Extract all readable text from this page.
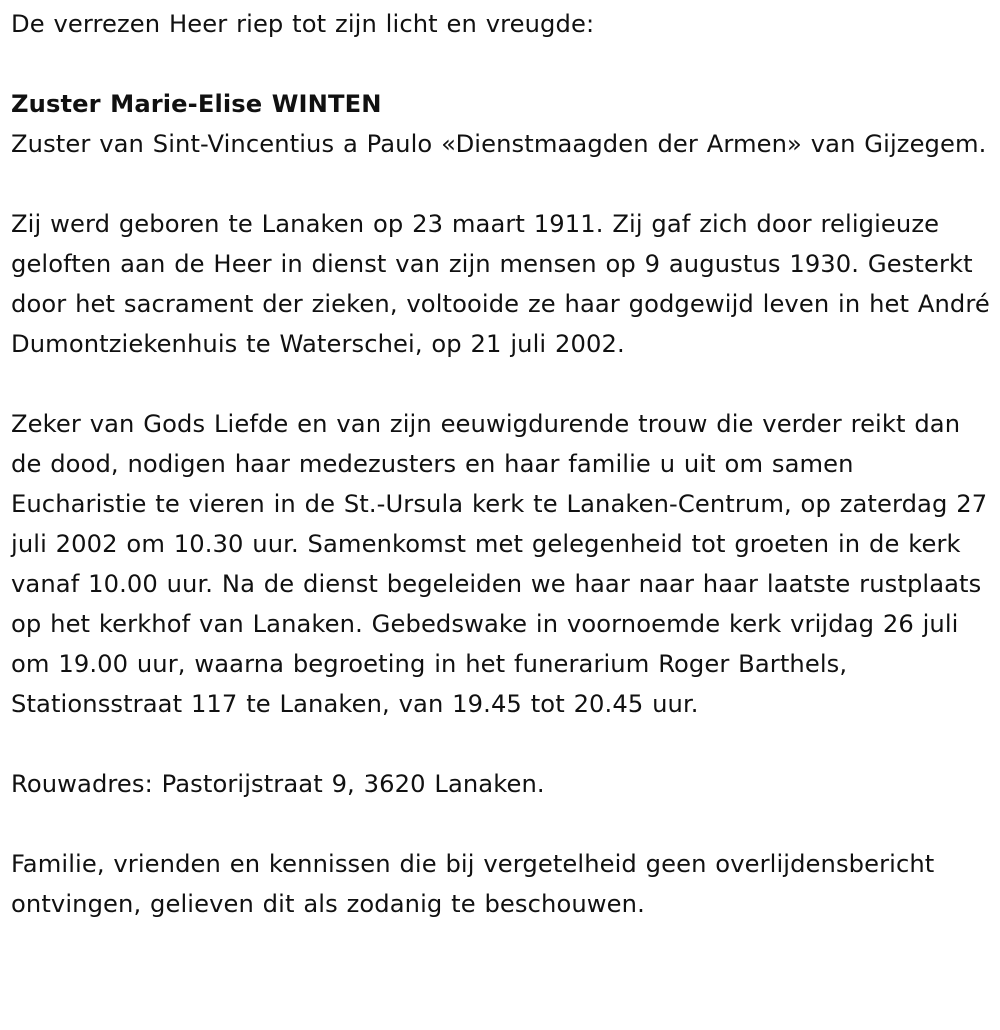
De verrezen Heer riep tot zijn licht en vreugde:

Zuster Marie-Elise WINTEN

Zuster van Sint-Vincentius a Paulo «Dienstmaagden der Armen» van Gijzegem.

Zij werd geboren te Lanaken op 23 maart 1911. Zij gaf zich door religieuze geloften aan de Heer in dienst van zijn mensen op 9 augustus 1930. Gesterkt door het sacrament der zieken, voltooide ze haar godgewijd leven in het André Dumontziekenhuis te Waterschei, op 21 juli 2002.

Zeker van Gods Liefde en van zijn eeuwigdurende trouw die verder reikt dan de dood, nodigen haar medezusters en haar familie u uit om samen Eucharistie te vieren in de St.-Ursula kerk te Lanaken-Centrum, op zaterdag 27 juli 2002 om 10.30 uur. Samenkomst met gelegenheid tot groeten in de kerk vanaf 10.00 uur. Na de dienst begeleiden we haar naar haar laatste rustplaats op het kerkhof van Lanaken. Gebedswake in voornoemde kerk vrijdag 26 juli om 19.00 uur, waarna begroeting in het funerarium Roger Barthels, Stationsstraat 117 te Lanaken, van 19.45 tot 20.45 uur.

Rouwadres: Pastorijstraat 9, 3620 Lanaken.

Familie, vrienden en kennissen die bij vergetelheid geen overlijdensbericht ontvingen, gelieven dit als zodanig te beschouwen.
